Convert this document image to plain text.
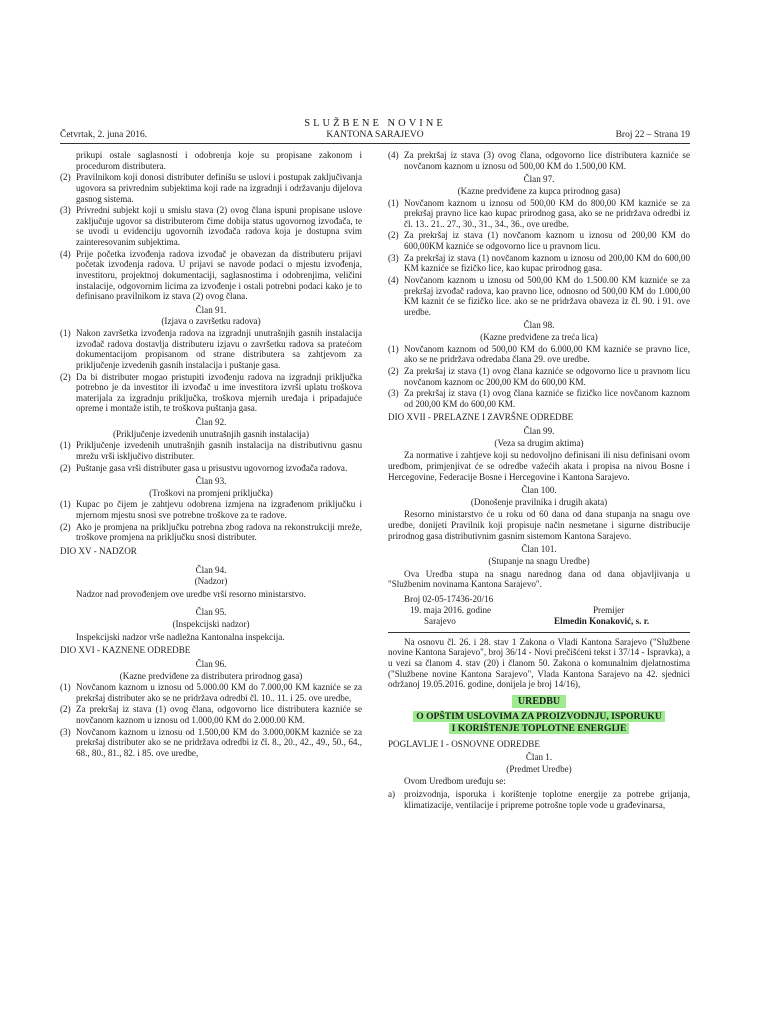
SLUŽBENE NOVINE
Četvrtak, 2. juna 2016.	KANTONA SARAJEVO	Broj 22 – Strana 19

prikupi ostale saglasnosti i odobrenja koje su propisane zakonom i procedurom distributera.

(2) Pravilnikom koji donosi distributer definišu se uslovi i postupak zaključivanja ugovora sa privrednim subjektima koji rade na izgradnji i održavanju dijelova gasnog sistema.

(3) Privredni subjekt koji u smislu stava (2) ovog člana ispuni propisane uslove zaključuje ugovor sa distributerom čime dobija status ugovornog izvođača, te se uvodi u evidenciju ugovornih izvođača radova koja je dostupna svim zainteresovanim subjektima.

(4) Prije početka izvođenja radova izvođač je obavezan da distributeru prijavi početak izvođenja radova. U prijavi se navode podaci o mjestu izvođenja, investitoru, projektnoj dokumentaciji, saglasnostima i odobrenjima, veličini instalacije, odgovornim licima za izvođenje i ostali potrebni podaci kako je to definisano pravilnikom iz stava (2) ovog člana.

Član 91.
(Izjava o završetku radova)

(1) Nakon završetka izvođenja radova na izgradnji unutrašnjih gasnih instalacija izvođač radova dostavlja distributeru izjavu o završetku radova sa pratećom dokumentacijom propisanom od strane distributera sa zahtjevom za priključenje izvedenih gasnih instalacija i puštanje gasa.

(2) Da bi distributer mogao pristupiti izvođenju radova na izgradnji priključka potrebno je da investitor ili izvođač u ime investitora izvrši uplatu troškova materijala za izgradnju priključka, troškova mjernih uređaja i pripadajuće opreme i montaže istih, te troškova puštanja gasa.

Član 92.
(Priključenje izvedenih unutrašnjih gasnih instalacija)

(1) Priključenje izvedenih unutrašnjih gasnih instalacija na distributivnu gasnu mrežu vrši isključivo distributer.

(2) Puštanje gasa vrši distributer gasa u prisustvu ugovornog izvođača radova.

Član 93.
(Troškovi na promjeni priključka)

(1) Kupac po čijem je zahtjevu odobrena izmjena na izgrađenom priključku i mjernom mjestu snosi sve potrebne troškove za te radove.

(2) Ako je promjena na priključku potrebna zbog radova na rekonstrukciji mreže, troškove promjena na priključku snosi distributer.

DIO XV - NADZOR
Član 94.
(Nadzor)

Nadzor nad provođenjem ove uredbe vrši resorno ministarstvo.

Član 95.
(Inspekcijski nadzor)

Inspekcijski nadzor vrše nadležna Kantonalna inspekcija.

DIO XVI - KAZNENE ODREDBE
Član 96.
(Kazne predviđene za distributera prirodnog gasa)

(1) Novčanom kaznom u iznosu od 5.000.00 KM do 7.000,00 KM kazniće se za prekršaj distributer ako se ne pridržava odredbi čl. 10.. 11. i 25. ove uredbe,

(2) Za prekršaj iz stava (1) ovog člana, odgovorno lice distributera kazniće se novčanom kaznom u iznosu od 1.000,00 KM do 2.000.00 KM.

(3) Novčanom kaznom u iznosu od 1.500,00 KM do 3.000,00KM kazniće se za prekršaj distributer ako se ne pridržava odredbi iz čl. 8., 20., 42., 49., 50., 64., 68., 80., 81., 82. i 85. ove uredbe,

(4) Za prekršaj iz stava (3) ovog člana, odgovorno lice distributera kazniće se novčanom kaznom u iznosu od 500,00 KM do 1.500,00 KM.

Član 97.
(Kazne predviđene za kupca prirodnog gasa)

(1) Novčanom kaznom u iznosu od 500,00 KM do 800,00 KM kazniće se za prekršaj pravno lice kao kupac prirodnog gasa, ako se ne pridržava odredbi iz čl. 13.. 21.. 27., 30., 31., 34., 36., ove uredbe.

(2) Za prekršaj iz stava (1) novčanom kaznom u iznosu od 200,00 KM do 600,00KM kazniće se odgovorno lice u pravnom licu.

(3) Za prekršaj iz stava (1) novčanom kaznom u iznosu od 200,00 KM do 600,00 KM kazniće se fizičko lice, kao kupac prirodnog gasa.

(4) Novčanom kaznom u iznosu od 500,00 KM do 1.500.00 KM kazniće se za prekršaj izvođač radova, kao pravno lice, odnosno od 500,00 KM do 1.000,00 KM kaznit će se fizičko lice. ako se ne pridržava obaveza iz čl. 90. i 91. ove uredbe.

Član 98.
(Kazne predviđene za treća lica)

(1) Novčanom kaznom od 500,00 KM do 6.000,00 KM kazniće se pravno lice, ako se ne pridržava odredaba člana 29. ove uredbe.

(2) Za prekršaj iz stava (1) ovog člana kazniće se odgovorno lice u pravnom licu novčanom kaznom oc 200,00 KM do 600,00 KM.

(3) Za prekršaj iz stava (1) ovog člana kazniće se fizičko lice novčanom kaznom od 200,00 KM do 600,00 KM.

DIO XVII - PRELAZNE I ZAVRŠNE ODREDBE
Član 99.
(Veza sa drugim aktima)

Za normative i zahtjeve koji su nedovoljno definisani ili nisu definisani ovom uredbom, primjenjivat će se odredbe važećih akata i propisa na nivou Bosne i Hercegovine, Federacije Bosne i Hercegovine i Kantona Sarajevo.

Član 100.
(Donošenje pravilnika i drugih akata)

Resorno ministarstvo će u roku od 60 dana od dana stupanja na snagu ove uredbe, donijeti Pravilnik koji propisuje način nesmetane i sigurne distribucije prirodnog gasa distributivnim gasnim sistemom Kantona Sarajevo.

Član 101.
(Stupanje na snagu Uredbe)

Ova Uredba stupa na snagu narednog dana od dana objavljivanja u "Službenim novinama Kantona Sarajevo".

Broj 02-05-17436-20/16
19. maja 2016. godine
Sarajevo
Premijer
Elmedin Konaković, s. r.

Na osnovu čl. 26. i 28. stav 1 Zakona o Vladi Kantona Sarajevo ("Službene novine Kantona Sarajevo", broj 36/14 - Novi prečišćeni tekst i 37/14 - Ispravka), a u vezi sa članom 4. stav (20) i članom 50. Zakona o komunalnim djelatnostima ("Službene novine Kantona Sarajevo", Vlada Kantona Sarajevo na 42. sjednici održanoj 19.05.2016. godine, donijela je broj 14/16),

UREDBU
O OPŠTIM USLOVIMA ZA PROIZVODNJU, ISPORUKU
I KORIŠTENJE TOPLOTNE ENERGIJE
POGLAVLJE I - OSNOVNE ODREDBE
Član 1.
(Predmet Uredbe)

Ovom Uredbom uređuju se:

a) proizvodnja, isporuka i korištenje toplotne energije za potrebe grijanja, klimatizacije, ventilacije i pripreme potrošne tople vode u građevinarsa,
